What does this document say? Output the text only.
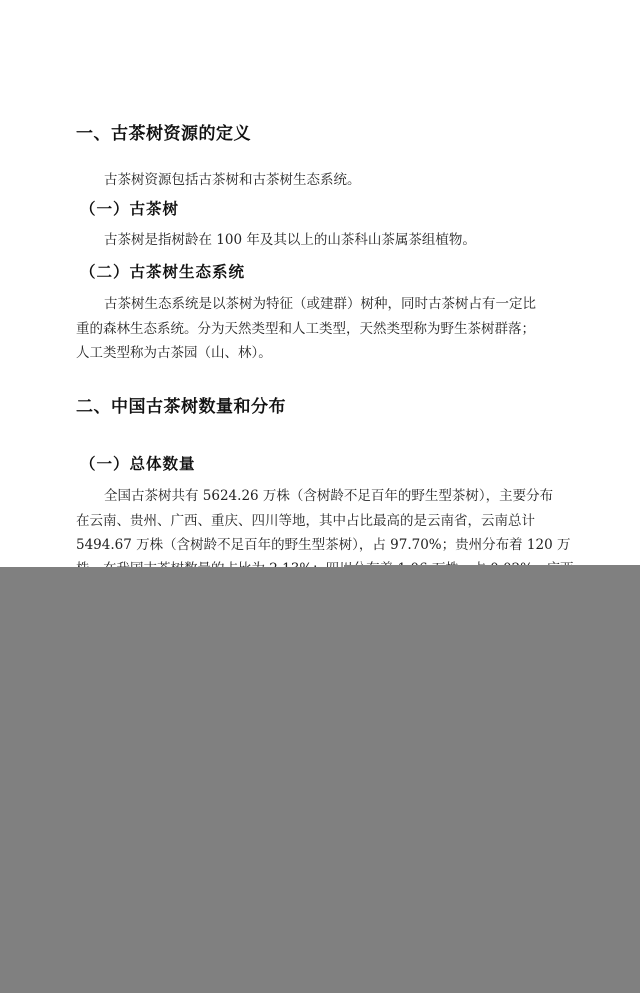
一、古茶树资源的定义
古茶树资源包括古茶树和古茶树生态系统。
（一）古茶树
古茶树是指树龄在 100 年及其以上的山茶科山茶属茶组植物。
（二）古茶树生态系统
古茶树生态系统是以茶树为特征（或建群）树种，同时古茶树占有一定比
重的森林生态系统。分为天然类型和人工类型，天然类型称为野生茶树群落；
人工类型称为古茶园（山、林）。
二、中国古茶树数量和分布
（一）总体数量
全国古茶树共有 5624.26 万株（含树龄不足百年的野生型茶树），主要分布
在云南、贵州、广西、重庆、四川等地，其中占比最高的是云南省，云南总计
5494.67 万株（含树龄不足百年的野生型茶树），占 97.70%；贵州分布着 120 万
